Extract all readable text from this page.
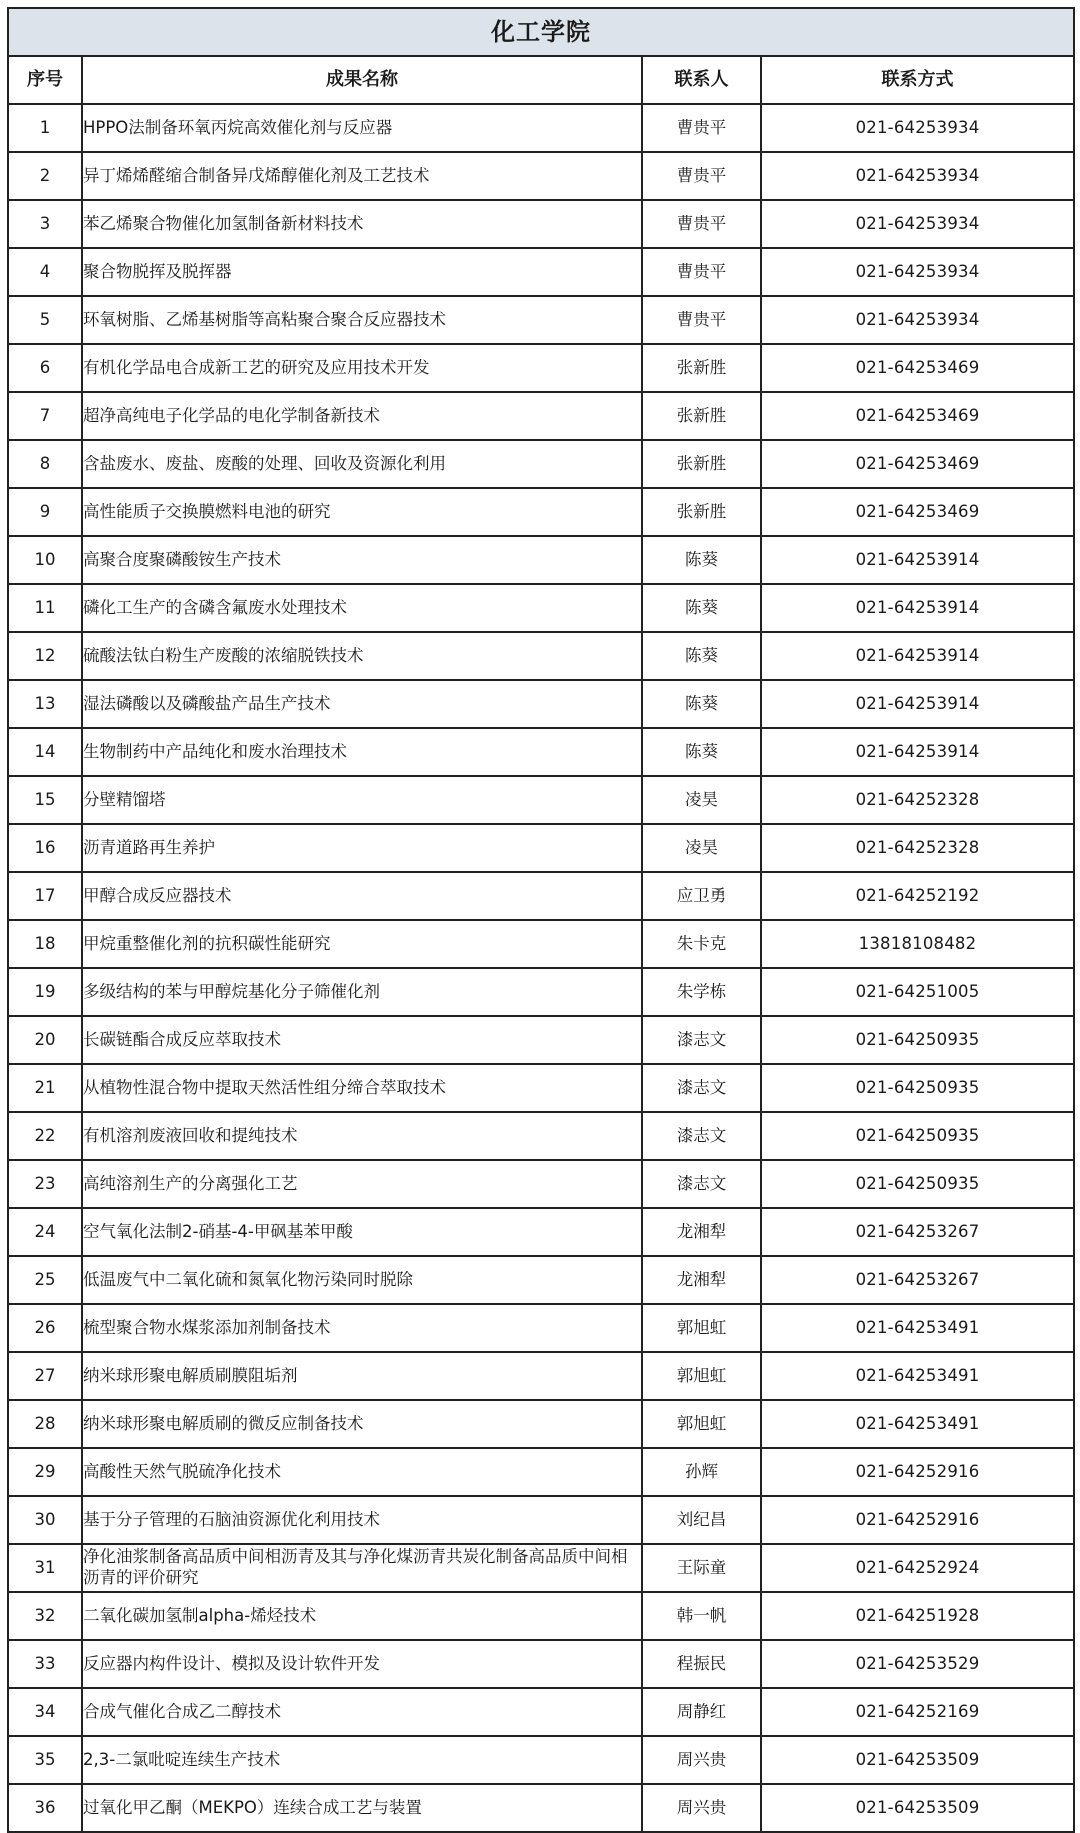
化工学院			
序号	成果名称	联系人	联系方式
1	HPPO法制备环氧丙烷高效催化剂与反应器	曹贵平	021-64253934
2	异丁烯烯醛缩合制备异戊烯醇催化剂及工艺技术	曹贵平	021-64253934
3	苯乙烯聚合物催化加氢制备新材料技术	曹贵平	021-64253934
4	聚合物脱挥及脱挥器	曹贵平	021-64253934
5	环氧树脂、乙烯基树脂等高粘聚合聚合反应器技术	曹贵平	021-64253934
6	有机化学品电合成新工艺的研究及应用技术开发	张新胜	021-64253469
7	超净高纯电子化学品的电化学制备新技术	张新胜	021-64253469
8	含盐废水、废盐、废酸的处理、回收及资源化利用	张新胜	021-64253469
9	高性能质子交换膜燃料电池的研究	张新胜	021-64253469
10	高聚合度聚磷酸铵生产技术	陈葵	021-64253914
11	磷化工生产的含磷含氟废水处理技术	陈葵	021-64253914
12	硫酸法钛白粉生产废酸的浓缩脱铁技术	陈葵	021-64253914
13	湿法磷酸以及磷酸盐产品生产技术	陈葵	021-64253914
14	生物制药中产品纯化和废水治理技术	陈葵	021-64253914
15	分壁精馏塔	凌昊	021-64252328
16	沥青道路再生养护	凌昊	021-64252328
17	甲醇合成反应器技术	应卫勇	021-64252192
18	甲烷重整催化剂的抗积碳性能研究	朱卡克	13818108482
19	多级结构的苯与甲醇烷基化分子筛催化剂	朱学栋	021-64251005
20	长碳链酯合成反应萃取技术	漆志文	021-64250935
21	从植物性混合物中提取天然活性组分缔合萃取技术	漆志文	021-64250935
22	有机溶剂废液回收和提纯技术	漆志文	021-64250935
23	高纯溶剂生产的分离强化工艺	漆志文	021-64250935
24	空气氧化法制2-硝基-4-甲砜基苯甲酸	龙湘犁	021-64253267
25	低温废气中二氧化硫和氮氧化物污染同时脱除	龙湘犁	021-64253267
26	梳型聚合物水煤浆添加剂制备技术	郭旭虹	021-64253491
27	纳米球形聚电解质刷膜阻垢剂	郭旭虹	021-64253491
28	纳米球形聚电解质刷的微反应制备技术	郭旭虹	021-64253491
29	高酸性天然气脱硫净化技术	孙辉	021-64252916
30	基于分子管理的石脑油资源优化利用技术	刘纪昌	021-64252916
31	净化油浆制备高品质中间相沥青及其与净化煤沥青共炭化制备高品质中间相沥青的评价研究	王际童	021-64252924
32	二氧化碳加氢制alpha-烯烃技术	韩一帆	021-64251928
33	反应器内构件设计、模拟及设计软件开发	程振民	021-64253529
34	合成气催化合成乙二醇技术	周静红	021-64252169
35	2,3-二氯吡啶连续生产技术	周兴贵	021-64253509
36	过氧化甲乙酮（MEKPO）连续合成工艺与装置	周兴贵	021-64253509
